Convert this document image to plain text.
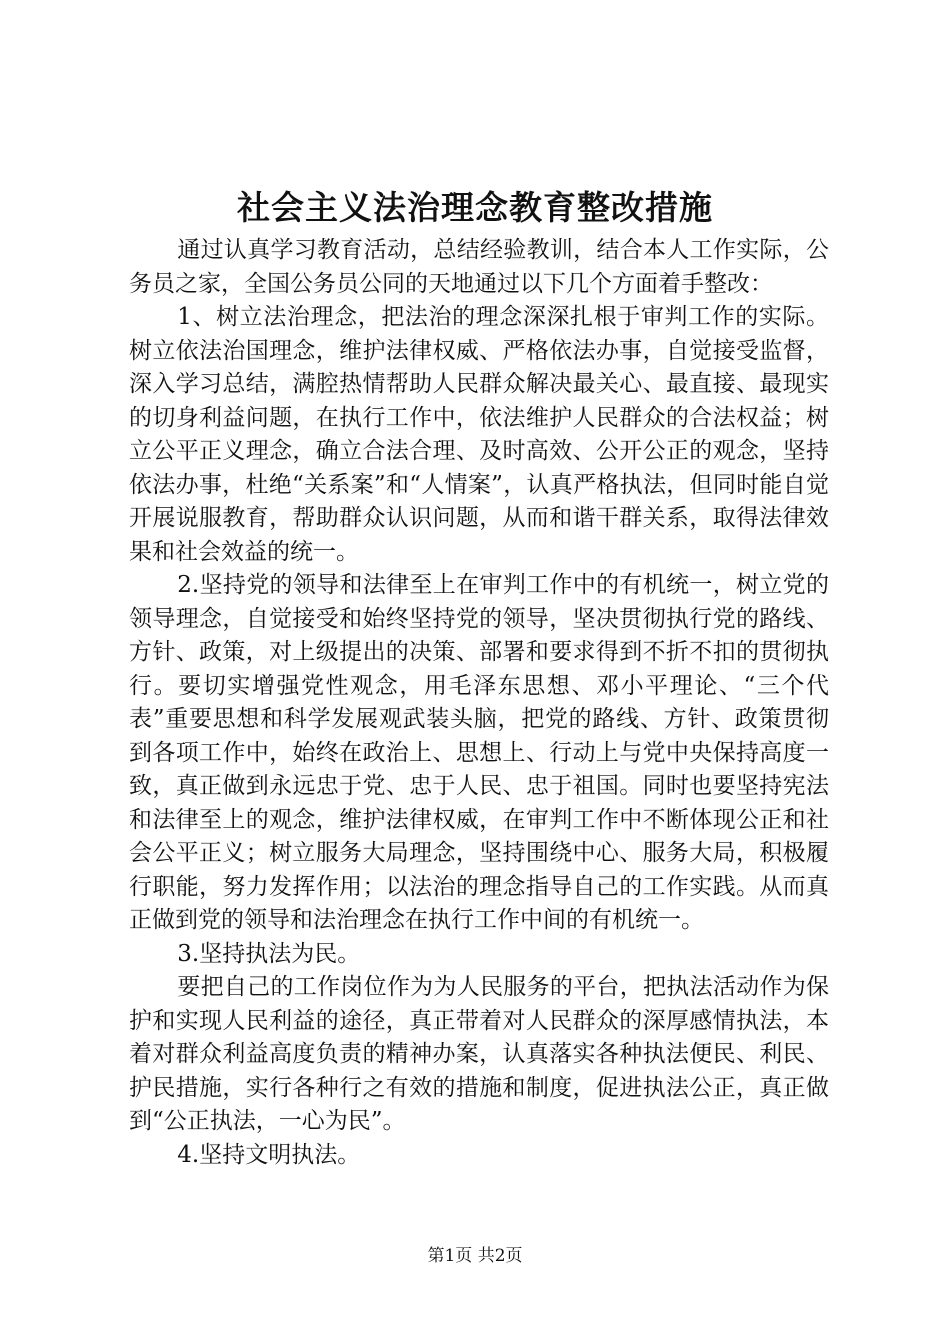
社会主义法治理念教育整改措施

通过认真学习教育活动，总结经验教训，结合本人工作实际，公务员之家，全国公务员公同的天地通过以下几个方面着手整改：

1、树立法治理念，把法治的理念深深扎根于审判工作的实际。树立依法治国理念，维护法律权威、严格依法办事，自觉接受监督，深入学习总结，满腔热情帮助人民群众解决最关心、最直接、最现实的切身利益问题，在执行工作中，依法维护人民群众的合法权益；树立公平正义理念，确立合法合理、及时高效、公开公正的观念，坚持依法办事，杜绝“关系案”和“人情案”，认真严格执法，但同时能自觉开展说服教育，帮助群众认识问题，从而和谐干群关系，取得法律效果和社会效益的统一。

2.坚持党的领导和法律至上在审判工作中的有机统一，树立党的领导理念，自觉接受和始终坚持党的领导，坚决贯彻执行党的路线、方针、政策，对上级提出的决策、部署和要求得到不折不扣的贯彻执行。要切实增强党性观念，用毛泽东思想、邓小平理论、“三个代表”重要思想和科学发展观武装头脑，把党的路线、方针、政策贯彻到各项工作中，始终在政治上、思想上、行动上与党中央保持高度一致，真正做到永远忠于党、忠于人民、忠于祖国。同时也要坚持宪法和法律至上的观念，维护法律权威，在审判工作中不断体现公正和社会公平正义；树立服务大局理念，坚持围绕中心、服务大局，积极履行职能，努力发挥作用；以法治的理念指导自己的工作实践。从而真正做到党的领导和法治理念在执行工作中间的有机统一。

3.坚持执法为民。

要把自己的工作岗位作为为人民服务的平台，把执法活动作为保护和实现人民利益的途径，真正带着对人民群众的深厚感情执法，本着对群众利益高度负责的精神办案，认真落实各种执法便民、利民、护民措施，实行各种行之有效的措施和制度，促进执法公正，真正做到“公正执法，一心为民”。

4.坚持文明执法。

第1页 共2页
